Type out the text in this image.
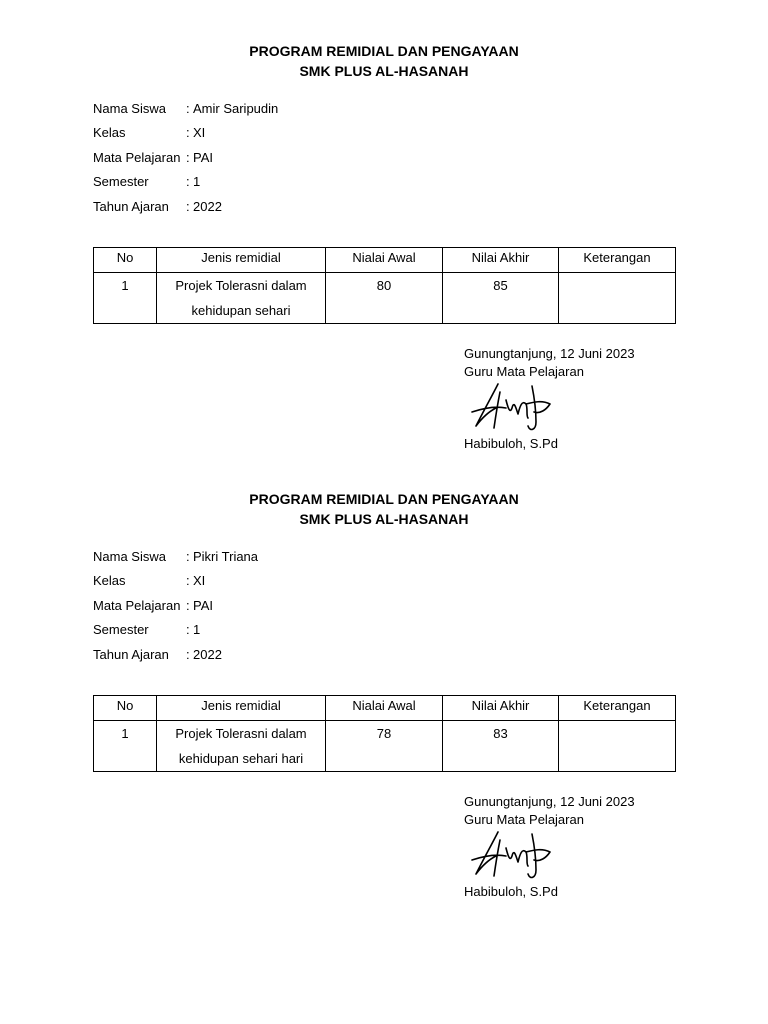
PROGRAM REMIDIAL DAN PENGAYAAN
SMK PLUS AL-HASANAH
Nama Siswa	: Amir Saripudin
Kelas	: XI
Mata Pelajaran : PAI
Semester	: 1
Tahun Ajaran	: 2022
No	Jenis remidial	Nialai Awal	Nilai Akhir	Keterangan
1	Projek Tolerasni dalam
kehidupan sehari	80	85	
Gunungtanjung, 12 Juni 2023
Guru Mata Pelajaran
Habibuloh, S.Pd
PROGRAM REMIDIAL DAN PENGAYAAN
SMK PLUS AL-HASANAH
Nama Siswa	: Pikri Triana
Kelas	: XI
Mata Pelajaran : PAI
Semester	: 1
Tahun Ajaran	: 2022
No	Jenis remidial	Nialai Awal	Nilai Akhir	Keterangan
1	Projek Tolerasni dalam
kehidupan sehari hari	78	83	
Gunungtanjung, 12 Juni 2023
Guru Mata Pelajaran
Habibuloh, S.Pd
